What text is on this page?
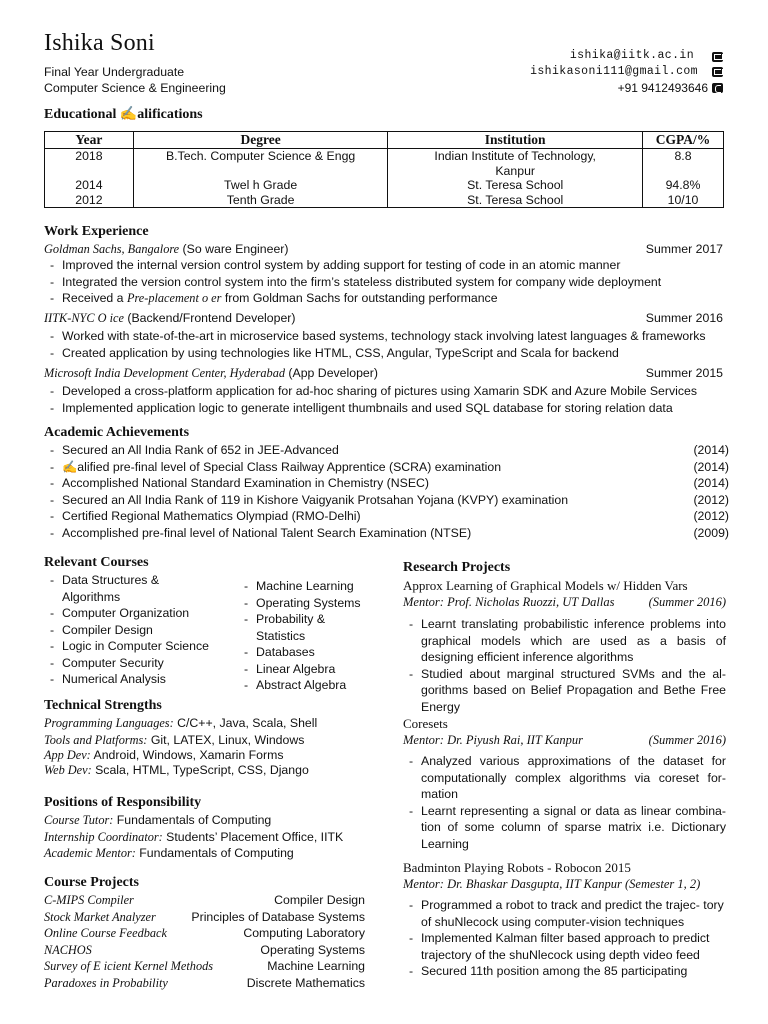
Ishika Soni
Final Year Undergraduate
Computer Science & Engineering
ishika@iitk.ac.in
ishikasoni111@gmail.com
+91 9412493646
Educational ✍alifications
Year	Degree	Institution	CGPA/%
2018	B.Tech. Computer Science & Engg	Indian Institute of Technology, Kanpur	8.8
2014	Twel h Grade	St. Teresa School	94.8%
2012	Tenth Grade	St. Teresa School	10/10
Work Experience
Goldman Sachs, Bangalore (So ware Engineer)	Summer 2017
- Improved the internal version control system by adding support for testing of code in an atomic manner
- Integrated the version control system into the firm’s stateless distributed system for company wide deployment
- Received a Pre-placement o er from Goldman Sachs for outstanding performance
IITK-NYC O ice (Backend/Frontend Developer)	Summer 2016
- Worked with state-of-the-art in microservice based systems, technology stack involving latest languages & frameworks
- Created application by using technologies like HTML, CSS, Angular, TypeScript and Scala for backend
Microsoft India Development Center, Hyderabad (App Developer)	Summer 2015
- Developed a cross-platform application for ad-hoc sharing of pictures using Xamarin SDK and Azure Mobile Services
- Implemented application logic to generate intelligent thumbnails and used SQL database for storing relation data
Academic Achievements
- Secured an All India Rank of 652 in JEE-Advanced	(2014)
- ✍alified pre-final level of Special Class Railway Apprentice (SCRA) examination	(2014)
- Accomplished National Standard Examination in Chemistry (NSEC)	(2014)
- Secured an All India Rank of 119 in Kishore Vaigyanik Protsahan Yojana (KVPY) examination	(2012)
- Certified Regional Mathematics Olympiad (RMO-Delhi)	(2012)
- Accomplished pre-final level of National Talent Search Examination (NTSE)	(2009)
Relevant Courses
- Data Structures & Algorithms
- Computer Organization
- Compiler Design
- Logic in Computer Science
- Computer Security
- Numerical Analysis
- Machine Learning
- Operating Systems
- Probability & Statistics
- Databases
- Linear Algebra
- Abstract Algebra
Technical Strengths
Programming Languages: C/C++, Java, Scala, Shell
Tools and Platforms: Git, LATEX, Linux, Windows
App Dev: Android, Windows, Xamarin Forms
Web Dev: Scala, HTML, TypeScript, CSS, Django
Positions of Responsibility
Course Tutor: Fundamentals of Computing
Internship Coordinator: Students’ Placement Office, IITK
Academic Mentor: Fundamentals of Computing
Course Projects
C-MIPS Compiler	Compiler Design
Stock Market Analyzer	Principles of Database Systems
Online Course Feedback	Computing Laboratory
NACHOS	Operating Systems
Survey of E icient Kernel Methods	Machine Learning
Paradoxes in Probability	Discrete Mathematics
Research Projects
Approx Learning of Graphical Models w/ Hidden Vars
Mentor: Prof. Nicholas Ruozzi, UT Dallas	(Summer 2016)
- Learnt translating probabilistic inference problems into graphical models which are used as a basis of designing efficient inference algorithms
- Studied about marginal structured SVMs and the al- gorithms based on Belief Propagation and Bethe Free Energy
Coresets
Mentor: Dr. Piyush Rai, IIT Kanpur	(Summer 2016)
- Analyzed various approximations of the dataset for computationally complex algorithms via coreset for- mation
- Learnt representing a signal or data as linear combina- tion of some column of sparse matrix i.e. Dictionary Learning
Badminton Playing Robots - Robocon 2015
Mentor: Dr. Bhaskar Dasgupta, IIT Kanpur (Semester 1, 2)
- Programmed a robot to track and predict the trajec- tory of shuNlecock using computer-vision techniques
- Implemented Kalman filter based approach to predict trajectory of the shuNlecock using depth video feed
- Secured 11th position among the 85 participating
